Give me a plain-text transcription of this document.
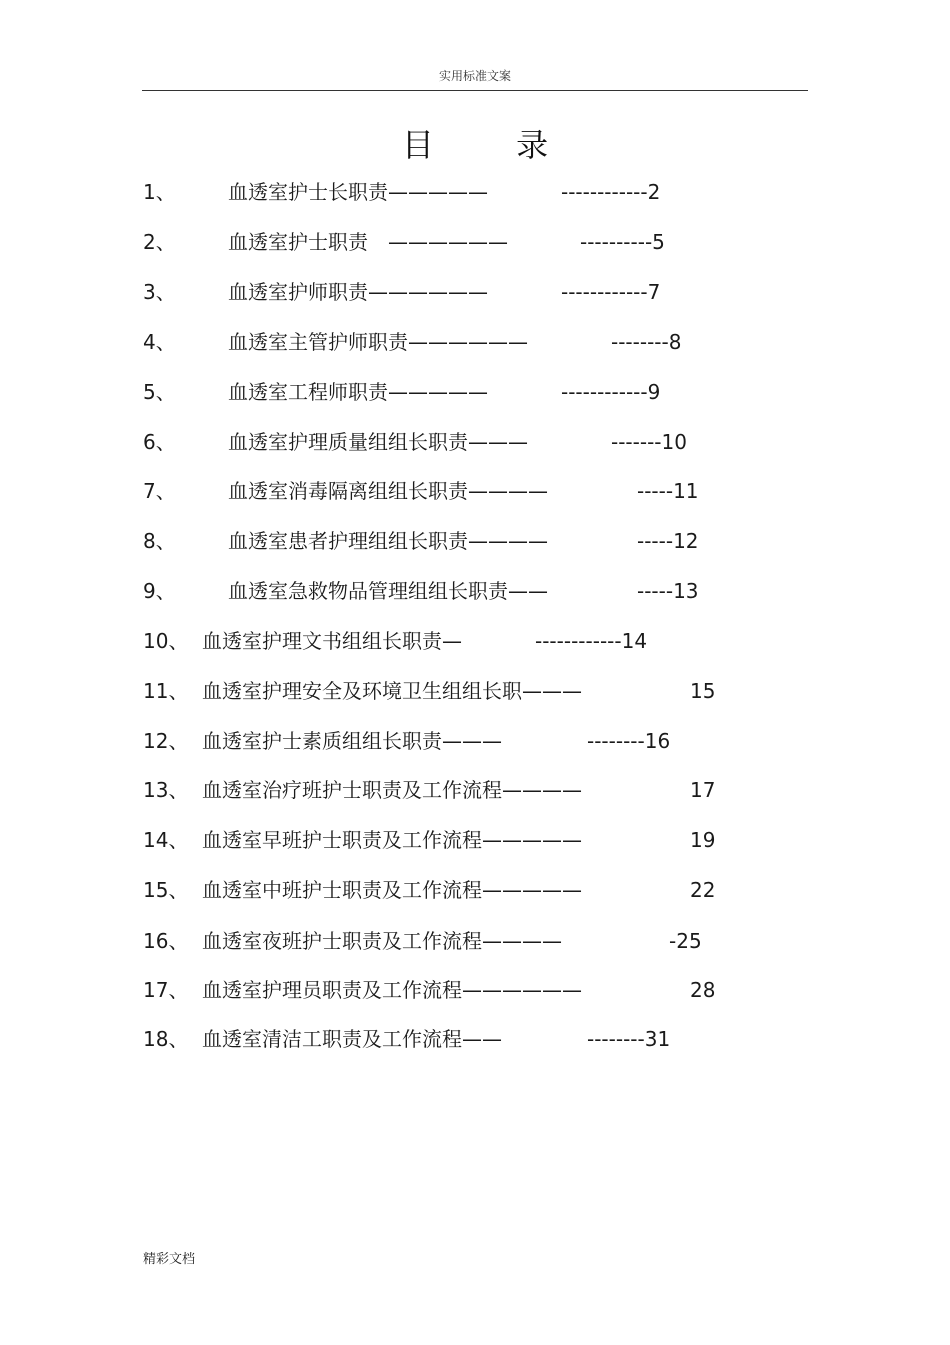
实用标准文案
目 录
1、	血透室护士长职责—————	------------2
2、	血透室护士职责　——————	----------5
3、	血透室护师职责——————	------------7
4、	血透室主管护师职责——————	--------8
5、	血透室工程师职责—————	------------9
6、	血透室护理质量组组长职责———	-------10
7、	血透室消毒隔离组组长职责————	-----11
8、	血透室患者护理组组长职责————	-----12
9、	血透室急救物品管理组组长职责——	-----13
10、 血透室护理文书组组长职责—	------------14
11、 血透室护理安全及环境卫生组组长职———	15
12、 血透室护士素质组组长职责———	--------16
13、 血透室治疗班护士职责及工作流程————	17
14、 血透室早班护士职责及工作流程—————	19
15、 血透室中班护士职责及工作流程—————	22
16、 血透室夜班护士职责及工作流程————	-25
17、 血透室护理员职责及工作流程——————	28
18、 血透室清洁工职责及工作流程——	--------31
精彩文档
